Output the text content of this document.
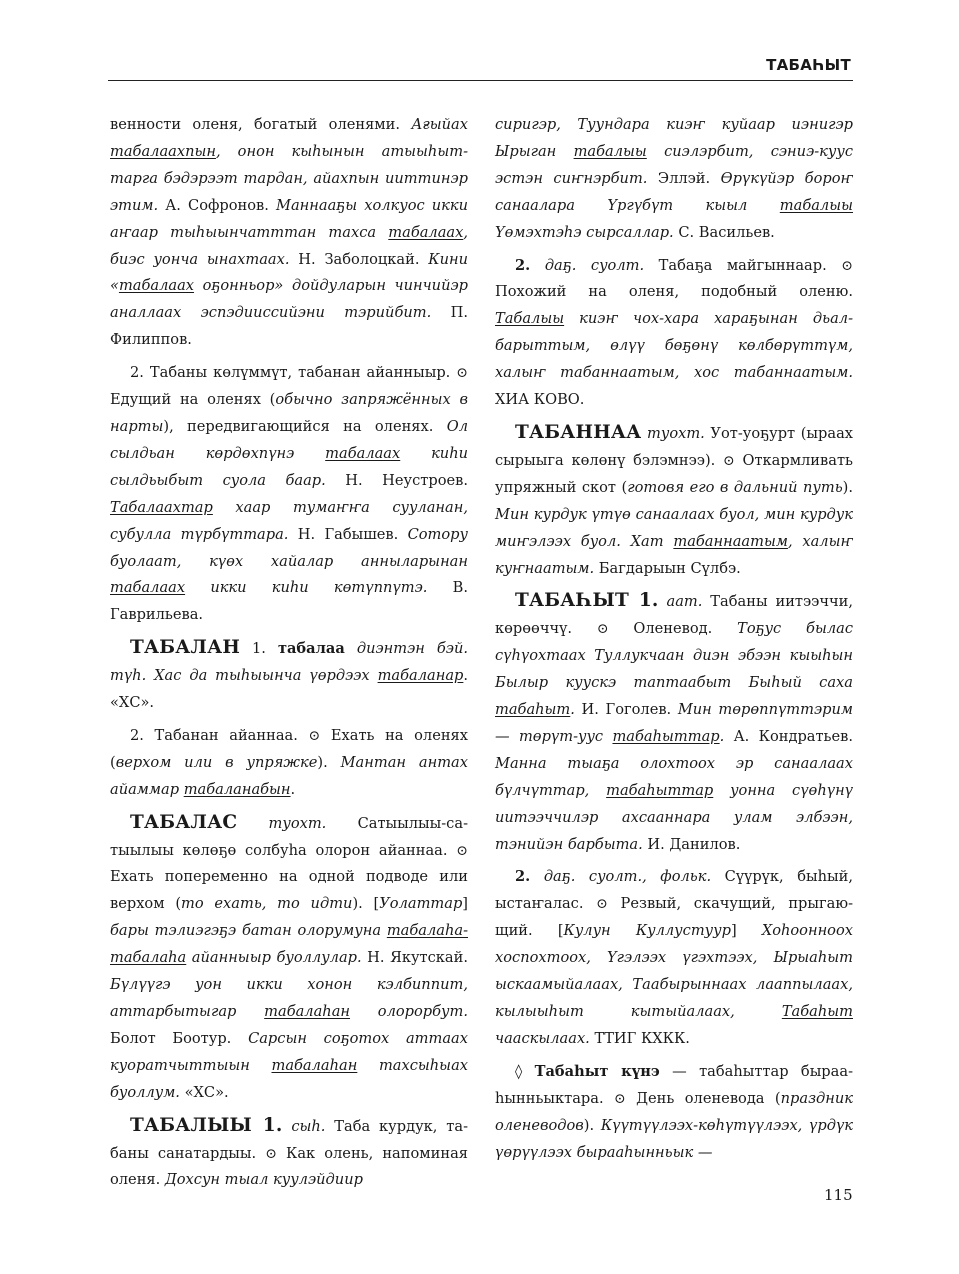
ТАБАҺЫТ

венности оленя, богатый оленями. Ағыйах табалаахпын, онон кыһынын атыыһыттарга бэдэрээт тардан, айахпын ииттинэр этим. А. Софронов. Маннааҕы холкуос икки аҥаар тыһыынчатттан тахса табалаах, биэс уонча ынахтаах. Н. Заболоцкай. Кини «табалаах оҕонньор» дойдуларын чинчийэр аналлаах эспэдииссийэни тэрийбит. П. Филиппов.

2. Табаны көлүммүт, табанан айанныыр. ⊙ Едущий на оленях (обычно запряжённых в нарты), передвигающийся на оленях. Ол сылдьан көрдөхпүнэ табалаах киһи сылдьыбыт суола баар. Н. Неустроев. Табалаахтар хаар тумаҥҥа сууланан, субулла түрбүттара. Н. Габышев. Сотору буолаат, күөх хайалар анныларынан табалаах икки киһи көтүппүтэ. В. Гаврильева.

ТАБАЛАН 1. табалаа диэнтэн бэй. түһ. Хас да тыһыынча үөрдээх табаланар. «ХС».

2. Табанан айаннаа. ⊙ Ехать на оленях (верхом или в упряжке). Мантан антах айаммар табаланабын.

ТАБАЛАС туохт. Сатыылыы-сатыылыы көлөҕө солбуһа олорон айаннаа. ⊙ Ехать попеременно на одной подводе или верхом (то ехать, то идти). [Уолаттар] бары тэлиэгэҕэ батан олорумуна табалаһа-табалаһа айанныыр буоллулар. Н. Якутскай. Бүлүүгэ уон икки хонон кэлбиппит, аттарбытыгар табалаһан олорорбут. Болот Боотур. Сарсын соҕотох аттаах куоратчыттыын табалаһан тахсыһыах буоллум. «ХС».

ТАБАЛЫЫ 1. сыһ. Таба курдук, табаны санатардыы. ⊙ Как олень, напоминая оленя. Дохсун тыал куулэйдиир

сиригэр, Туундара киэҥ куйаар иэнигэр Ырыган табалыы сиэлэрбит, сэниэ-куус эстэн сиҥнэрбит. Эллэй. Өрүкүйэр бороҥ санаалара Үргүбүт кыыл табалыы Үөмэхтэһэ сырсаллар. С. Васильев.

2. даҕ. суолт. Табаҕа майгыннаар. ⊙ Похожий на оленя, подобный оленю. Табалыы киэҥ чох-хара хараҕынан дьалбарыттым, өлүү бөҕөнү көлбөрүттүм, халыҥ табаннаатым, хос табаннаатым. ХИА КОВО.

ТАБАННАА туохт. Уот-уоҕурт (ыраах сырыыга көлөнү бэлэмнээ). ⊙ Откармливать упряжный скот (готовя его в дальний путь). Мин курдук үтүө санаалаах буол, мин курдук миҥэлээх буол. Хат табаннаатым, халыҥ куҥнаатым. Багдарыын Сүлбэ.

ТАБАҺЫТ 1. аат. Табаны иитээччи, көрөөччү. ⊙ Оленевод. Тоҕус былас сүһүохтаах Туллукчаан диэн эбээн кыыһын Былыр кууcкэ таптаабыт Быһый саха табаһыт. И. Гоголев. Мин төрөппүттэрим — төрүт-уус табаһыттар. А. Кондратьев. Манна тыаҕа олохтоох эр санаалаах бүлчүттар, табаһыттар уонна сүөһүнү иитээччилэр ахсааннара улам элбээн, тэнийэн барбыта. И. Данилов.

2. даҕ. суолт., фольк. Сүүрүк, быһый, ыстаҥалас. ⊙ Резвый, скачущий, прыгающий. [Кулун Куллустуур] Хоһоонноох хоспохтоох, Үгэлээх үгэхтээх, Ырыаһыт ыскаамыйалаах, Таабырыннаах лааппылаах, кылыыһыт кытыйалаах, Табаһыт чааскылаах. ТТИГ КХКК.

◊ Табаһыт күнэ — табаһыттар бырааһынньыктара. ⊙ День оленевода (праздник оленеводов). Күүтүүлээх-көһүтүүлээх, үрдүк үөрүүлээх бырааһынньык —

115
